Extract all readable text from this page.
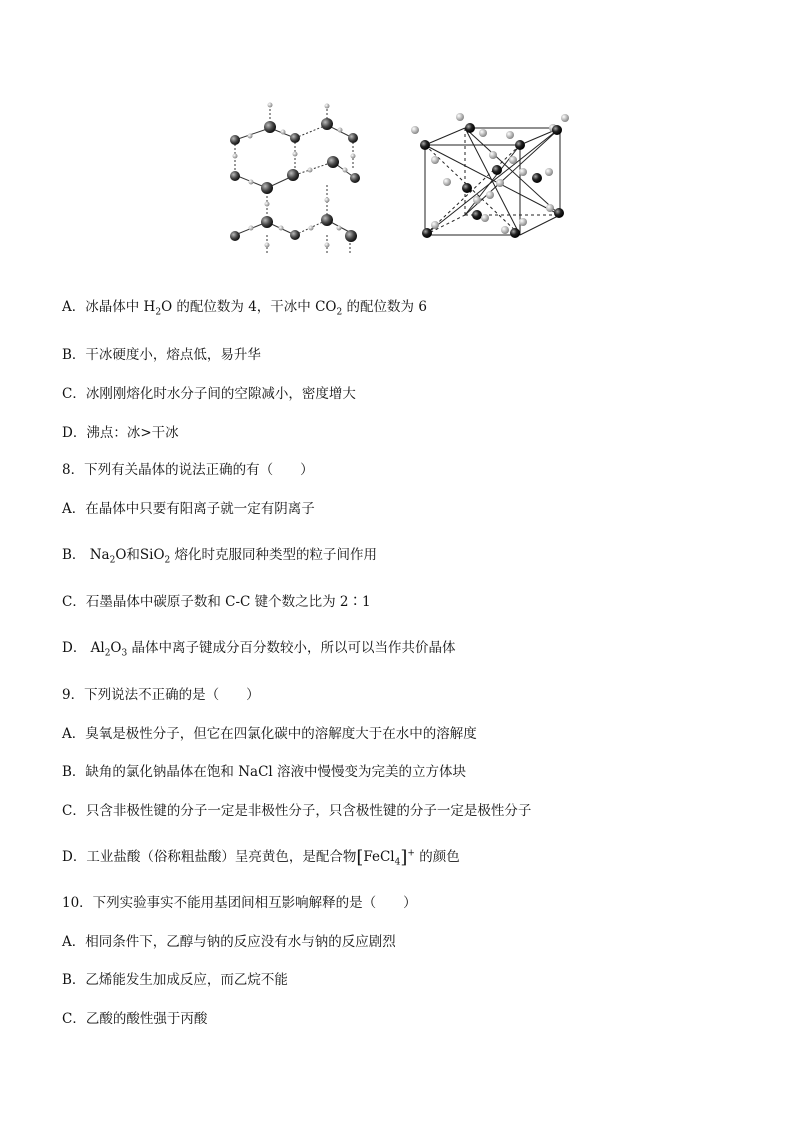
A．冰晶体中 $H_2O$ 的配位数为 4，干冰中 $CO_2$ 的配位数为 6
B．干冰硬度小，熔点低，易升华
C．冰刚刚熔化时水分子间的空隙减小，密度增大
D．沸点：冰>干冰
8．下列有关晶体的说法正确的有（　　）
A．在晶体中只要有阳离子就一定有阴离子
B． $Na_2O$和SiO$_2$ 熔化时克服同种类型的粒子间作用
C．石墨晶体中碳原子数和 C-C 键个数之比为 2∶1
D． $Al_2O_3$ 晶体中离子键成分百分数较小，所以可以当作共价晶体
9．下列说法不正确的是（　　）
A．臭氧是极性分子，但它在四氯化碳中的溶解度大于在水中的溶解度
B．缺角的氯化钠晶体在饱和 NaCl 溶液中慢慢变为完美的立方体块
C．只含非极性键的分子一定是非极性分子，只含极性键的分子一定是极性分子
D．工业盐酸（俗称粗盐酸）呈亮黄色，是配合物[FeCl$_4$]+ 的颜色
10．下列实验事实不能用基团间相互影响解释的是（　　）
A．相同条件下，乙醇与钠的反应没有水与钠的反应剧烈
B．乙烯能发生加成反应，而乙烷不能
C．乙酸的酸性强于丙酸
